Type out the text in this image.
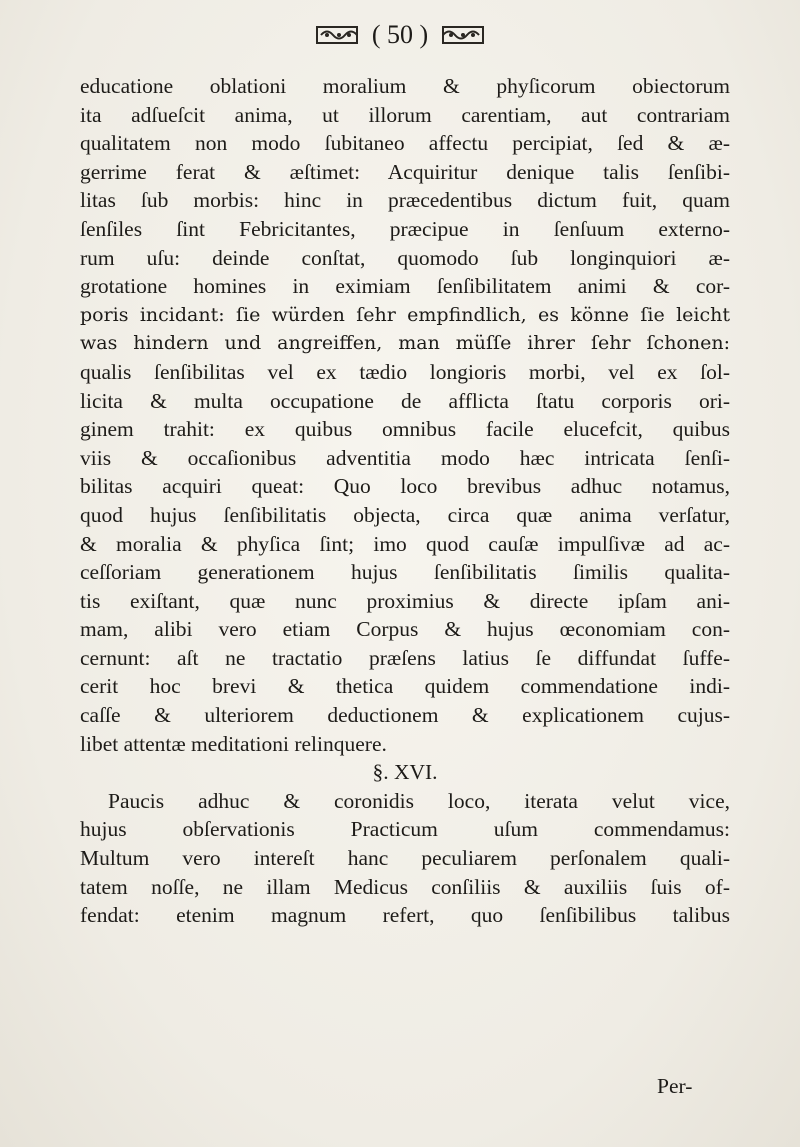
( 50 )
educatione oblationi moralium & phyſicorum obiectorum
ita adſueſcit anima, ut illorum carentiam, aut contrariam
qualitatem non modo ſubitaneo affectu percipiat, ſed & æ-
gerrime ferat & æſtimet: Acquiritur denique talis ſenſibi-
litas ſub morbis: hinc in præcedentibus dictum fuit, quam
ſenſiles ſint Febricitantes, præcipue in ſenſuum externo-
rum uſu: deinde conſtat, quomodo ſub longinquiori æ-
grotatione homines in eximiam ſenſibilitatem animi & cor-
poris incidant: ſie würden ſehr empfindlich, es könne ſie leicht
was hindern und angreiffen, man müſſe ihrer ſehr ſchonen:
qualis ſenſibilitas vel ex tædio longioris morbi, vel ex ſol-
licita & multa occupatione de afflicta ſtatu corporis ori-
ginem trahit: ex quibus omnibus facile elucefcit, quibus
viis & occaſionibus adventitia modo hæc intricata ſenſi-
bilitas acquiri queat: Quo loco brevibus adhuc notamus,
quod hujus ſenſibilitatis objecta, circa quæ anima verſatur,
& moralia & phyſica ſint; imo quod cauſæ impulſivæ ad ac-
ceſſoriam generationem hujus ſenſibilitatis ſimilis qualita-
tis exiſtant, quæ nunc proximius & directe ipſam ani-
mam, alibi vero etiam Corpus & hujus œconomiam con-
cernunt: aſt ne tractatio præſens latius ſe diffundat ſuffe-
cerit hoc brevi & thetica quidem commendatione indi-
caſſe & ulteriorem deductionem & explicationem cujus-
libet attentæ meditationi relinquere.
§. XVI.
Paucis adhuc & coronidis loco, iterata velut vice,
hujus obſervationis Practicum uſum commendamus:
Multum vero intereſt hanc peculiarem perſonalem quali-
tatem noſſe, ne illam Medicus conſiliis & auxiliis ſuis of-
fendat: etenim magnum refert, quo ſenſibilibus talibus
Per-
